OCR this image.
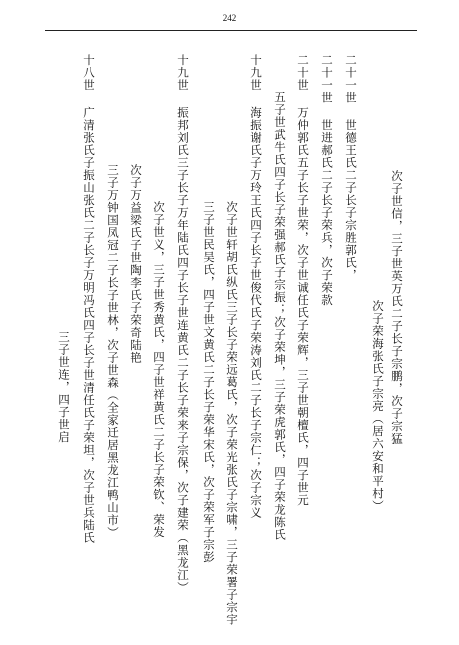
242
次子世信，三子世英万氏二子长子宗鹏，次子宗猛
次子荣海张氏子宗亮（居六安和平村）
二十一世 世德王氏二子长子宗胜郭氏，
二十一世 世进郝氏二子长子荣兵，次子荣款
二十世 万仲郭氏五子长子世荣，次子世诚任氏子荣辉，三子世朝檀氏，四子世元
五子世武牛氏四子长子荣强郝氏子宗振；次子荣坤，三子荣虎郭氏，四子荣龙陈氏
十九世 海振谢氏子万玲王氏四子长子世俊代氏子荣涛刘氏二子长子宗仁；次子宗义
次子世轩胡氏纵氏三子长子荣远葛氏，次子荣光张氏子宗啸，三子荣署子宗宇
三子世民吴氏，四子世文黄氏二子长子荣华宋氏，次子荣军子宗彭
十九世 振邦刘氏三子长子万年陆氏四子长子世连黄氏二子长子荣来子宗保，次子建荣（黑龙江）
次子世义，三子世秀黄氏，四子世祥黄氏二子长子荣钦、荣发
次子万益梁氏子世陶李氏子荣奇陆艳
三子万钟国凤冠二子长子世林，次子世森（全家迁居黑龙江鸭山市）
十八世 广清张氏子振山张氏二子长子万明冯氏四子长子世清任氏子荣坦，次子世兵陆氏
三子世连，四子世启
